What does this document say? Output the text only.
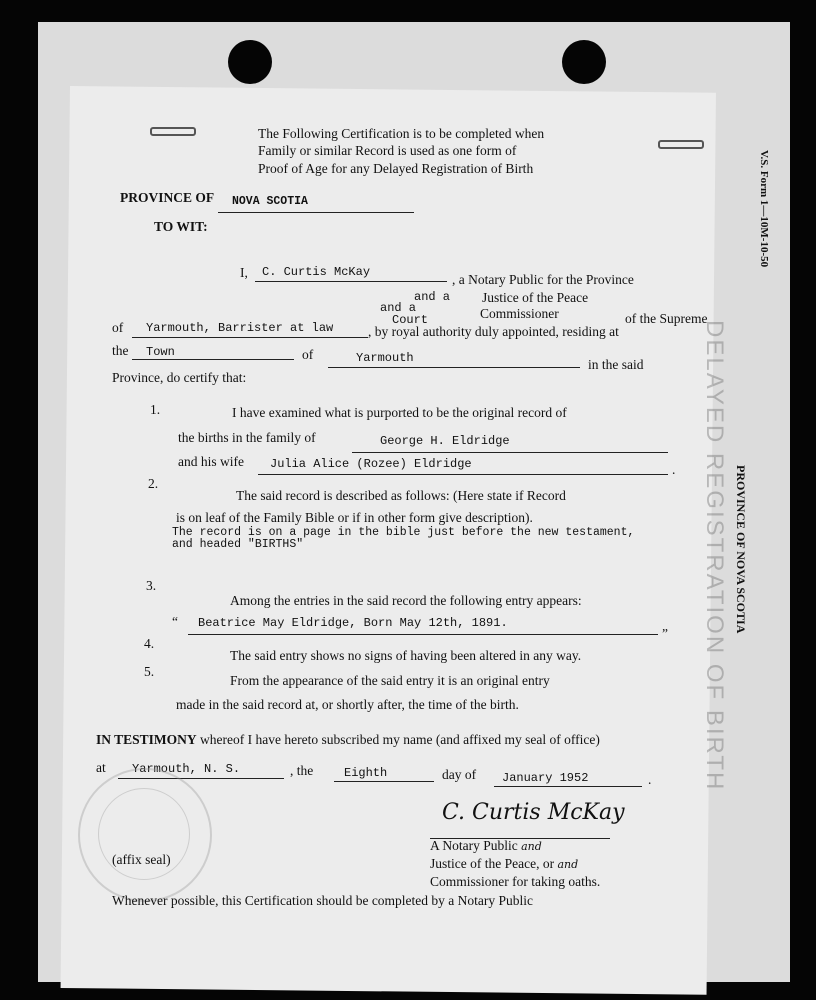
V.S. Form 1—10M-10-50
PROVINCE OF NOVA SCOTIA
DELAYED REGISTRATION OF BIRTH
The Following Certification is to be completed when
Family or similar Record is used as one form of
Proof of Age for any Delayed Registration of Birth
PROVINCE OF NOVA SCOTIA
TO WIT:
I, C. Curtis McKay	, a Notary Public for the Province
and a Justice of the Peace
and a
Court	Commissioner	of the Supreme
of Yarmouth, Barrister at law	, by royal authority duly appointed, residing at
the Town	of	Yarmouth	in the said
Province, do certify that:
1.	I have examined what is purported to be the original record of
the births in the family of	George H. Eldridge
and his wife Julia Alice (Rozee) Eldridge	.
2.
The said record is described as follows: (Here state if Record
is on leaf of the Family Bible or if in other form give description).
The record is on a page in the bible just before the new testament,
and headed "BIRTHS"
3.
Among the entries in the said record the following entry appears:
“ Beatrice May Eldridge, Born May 12th, 1891.
”
4.
The said entry shows no signs of having been altered in any way.
5.
From the appearance of the said entry it is an original entry
made in the said record at, or shortly after, the time of the birth.
IN TESTIMONY whereof I have hereto subscribed my name (and affixed my seal of office)
at Yarmouth, N. S.	, the	Eighth	day of January 1952	.
C. Curtis McKay
A Notary Public and
Justice of the Peace, or and
Commissioner for taking oaths.
(affix seal)
Whenever possible, this Certification should be completed by a Notary Public
